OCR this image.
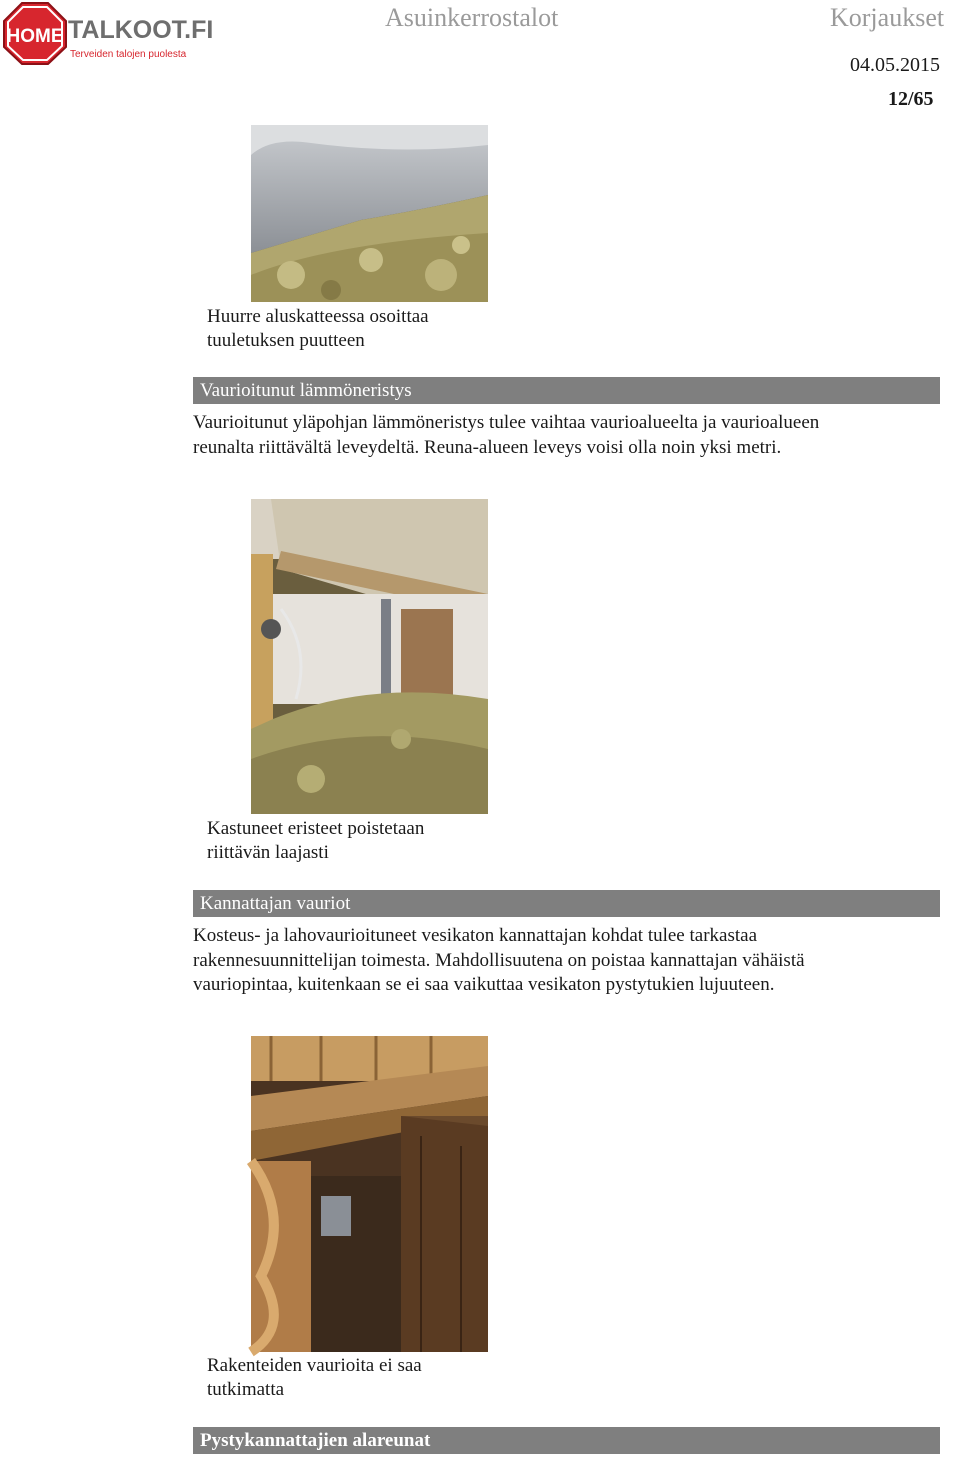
HOME TALKOOT.FI
Terveiden talojen puolesta
Asuinkerrostalot	Korjaukset
04.05.2015
12/65
Huurre aluskatteessa osoittaa
tuuletuksen puutteen
Vaurioitunut lämmöneristys

Vaurioitunut yläpohjan lämmöneristys tulee vaihtaa vaurioalueelta ja vaurioalueen

reunalta riittävältä leveydeltä. Reuna-alueen leveys voisi olla noin yksi metri.

Kastuneet eristeet poistetaan
riittävän laajasti
Kannattajan vauriot

Kosteus- ja lahovaurioituneet vesikaton kannattajan kohdat tulee tarkastaa

rakennesuunnittelijan toimesta. Mahdollisuutena on poistaa kannattajan vähäistä

vauriopintaa, kuitenkaan se ei saa vaikuttaa vesikaton pystytukien lujuuteen.

Rakenteiden vaurioita ei saa
tutkimatta
Pystykannattajien alareunat
